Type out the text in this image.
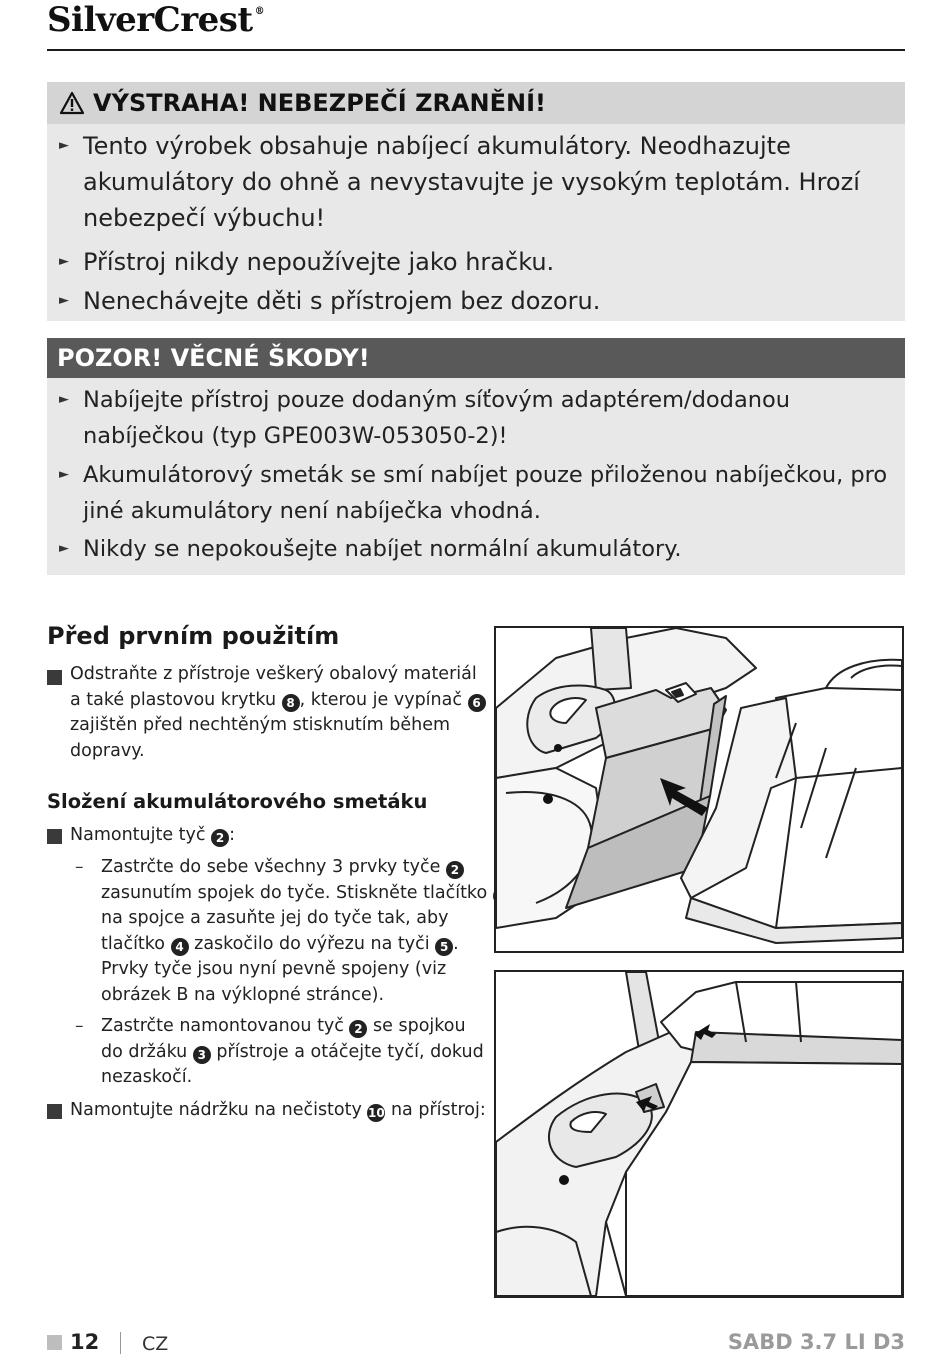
SilverCrest ®
VÝSTRAHA! NEBEZPEČÍ ZRANĚNÍ!
► Tento výrobek obsahuje nabíjecí akumulátory. Neodhazujte akumulátory do ohně a nevystavujte je vysokým teplotám. Hrozí nebezpečí výbuchu!
► Přístroj nikdy nepoužívejte jako hračku.
► Nenechávejte děti s přístrojem bez dozoru.
POZOR! VĚCNÉ ŠKODY!
► Nabíjejte přístroj pouze dodaným síťovým adaptérem/dodanou nabíječkou (typ GPE003W-053050-2)!
► Akumulátorový smeták se smí nabíjet pouze přiloženou nabíječkou, pro jiné akumulátory není nabíječka vhodná.
► Nikdy se nepokoušejte nabíjet normální akumulátory.
Před prvním použitím
Odstraňte z přístroje veškerý obalový materiál
a také plastovou krytku 8 , kterou je vypínač 6
zajištěn před nechtěným stisknutím během
dopravy.
Složení akumulátorového smetáku
Namontujte tyč 2 :
– Zastrčte do sebe všechny 3 prvky tyče 2
zasunutím spojek do tyče. Stiskněte tlačítko
na spojce a zasuňte jej do tyče tak, aby
tlačítko 4 zaskočilo do výřezu na tyči 5 .
Prvky tyče jsou nyní pevně spojeny (viz
obrázek B na výklopné stránce).
– Zastrčte namontovanou tyč 2 se spojkou
do držáku 3 přístroje a otáčejte tyčí, dokud
nezaskočí.
Namontujte nádržku na nečistoty 10 na přístroj:
12 CZ	SABD 3.7 LI D3
